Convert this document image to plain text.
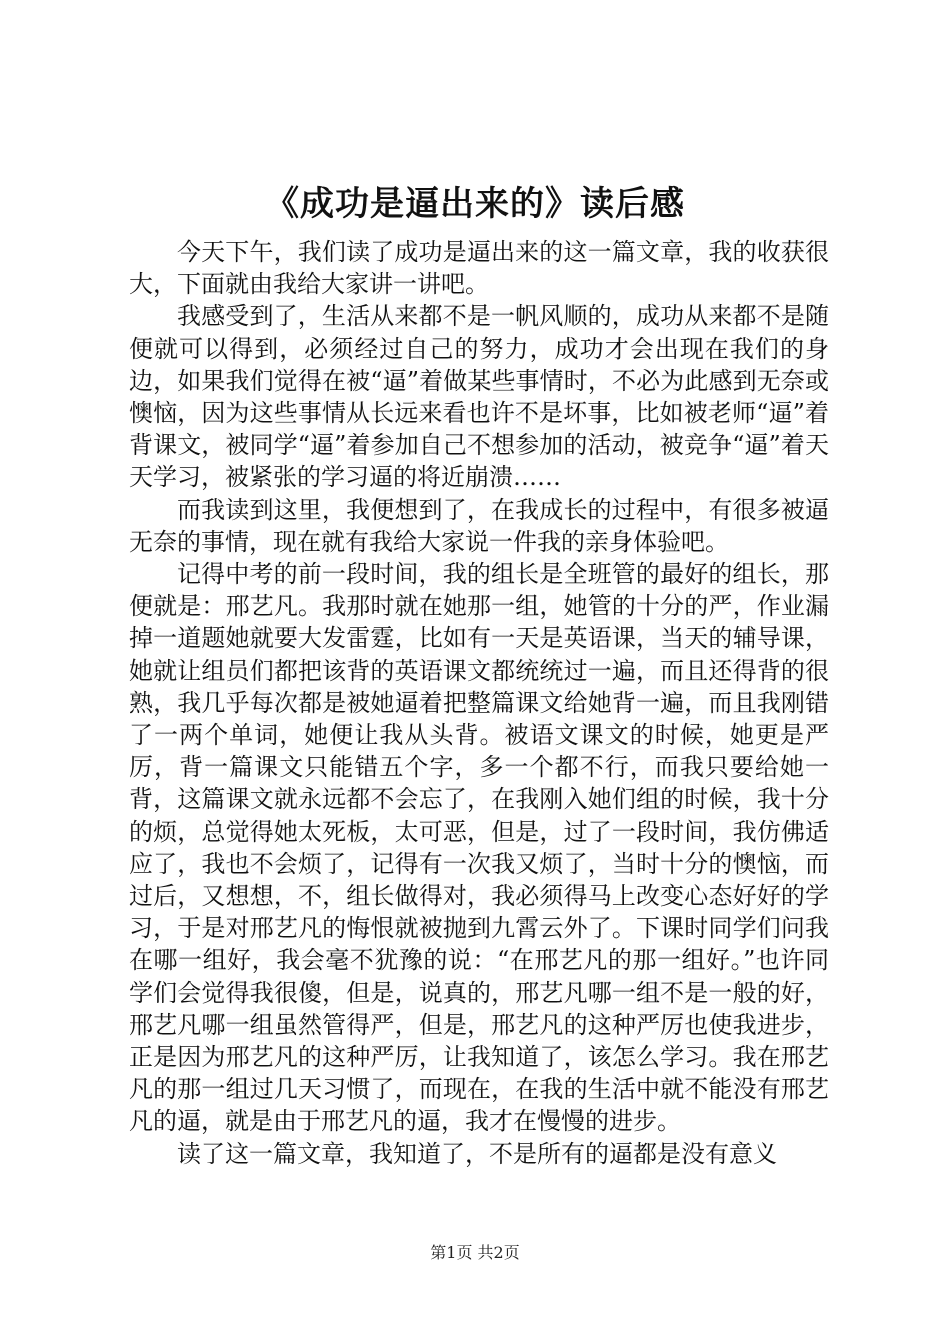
《成功是逼出来的》读后感

今天下午，我们读了成功是逼出来的这一篇文章，我的收获很大，下面就由我给大家讲一讲吧。

我感受到了，生活从来都不是一帆风顺的，成功从来都不是随便就可以得到，必须经过自己的努力，成功才会出现在我们的身边，如果我们觉得在被“逼”着做某些事情时，不必为此感到无奈或懊恼，因为这些事情从长远来看也许不是坏事，比如被老师“逼”着背课文，被同学“逼”着参加自己不想参加的活动，被竞争“逼”着天天学习，被紧张的学习逼的将近崩溃……

而我读到这里，我便想到了，在我成长的过程中，有很多被逼无奈的事情，现在就有我给大家说一件我的亲身体验吧。

记得中考的前一段时间，我的组长是全班管的最好的组长，那便就是：邢艺凡。我那时就在她那一组，她管的十分的严，作业漏掉一道题她就要大发雷霆，比如有一天是英语课，当天的辅导课，她就让组员们都把该背的英语课文都统统过一遍，而且还得背的很熟，我几乎每次都是被她逼着把整篇课文给她背一遍，而且我刚错了一两个单词，她便让我从头背。被语文课文的时候，她更是严厉，背一篇课文只能错五个字，多一个都不行，而我只要给她一背，这篇课文就永远都不会忘了，在我刚入她们组的时候，我十分的烦，总觉得她太死板，太可恶，但是，过了一段时间，我仿佛适应了，我也不会烦了，记得有一次我又烦了，当时十分的懊恼，而过后，又想想，不，组长做得对，我必须得马上改变心态好好的学习，于是对邢艺凡的悔恨就被抛到九霄云外了。下课时同学们问我在哪一组好，我会毫不犹豫的说：“在邢艺凡的那一组好。”也许同学们会觉得我很傻，但是，说真的，邢艺凡哪一组不是一般的好，邢艺凡哪一组虽然管得严，但是，邢艺凡的这种严厉也使我进步，正是因为邢艺凡的这种严厉，让我知道了，该怎么学习。我在邢艺凡的那一组过几天习惯了，而现在，在我的生活中就不能没有邢艺凡的逼，就是由于邢艺凡的逼，我才在慢慢的进步。

读了这一篇文章，我知道了，不是所有的逼都是没有意义

第1页 共2页
